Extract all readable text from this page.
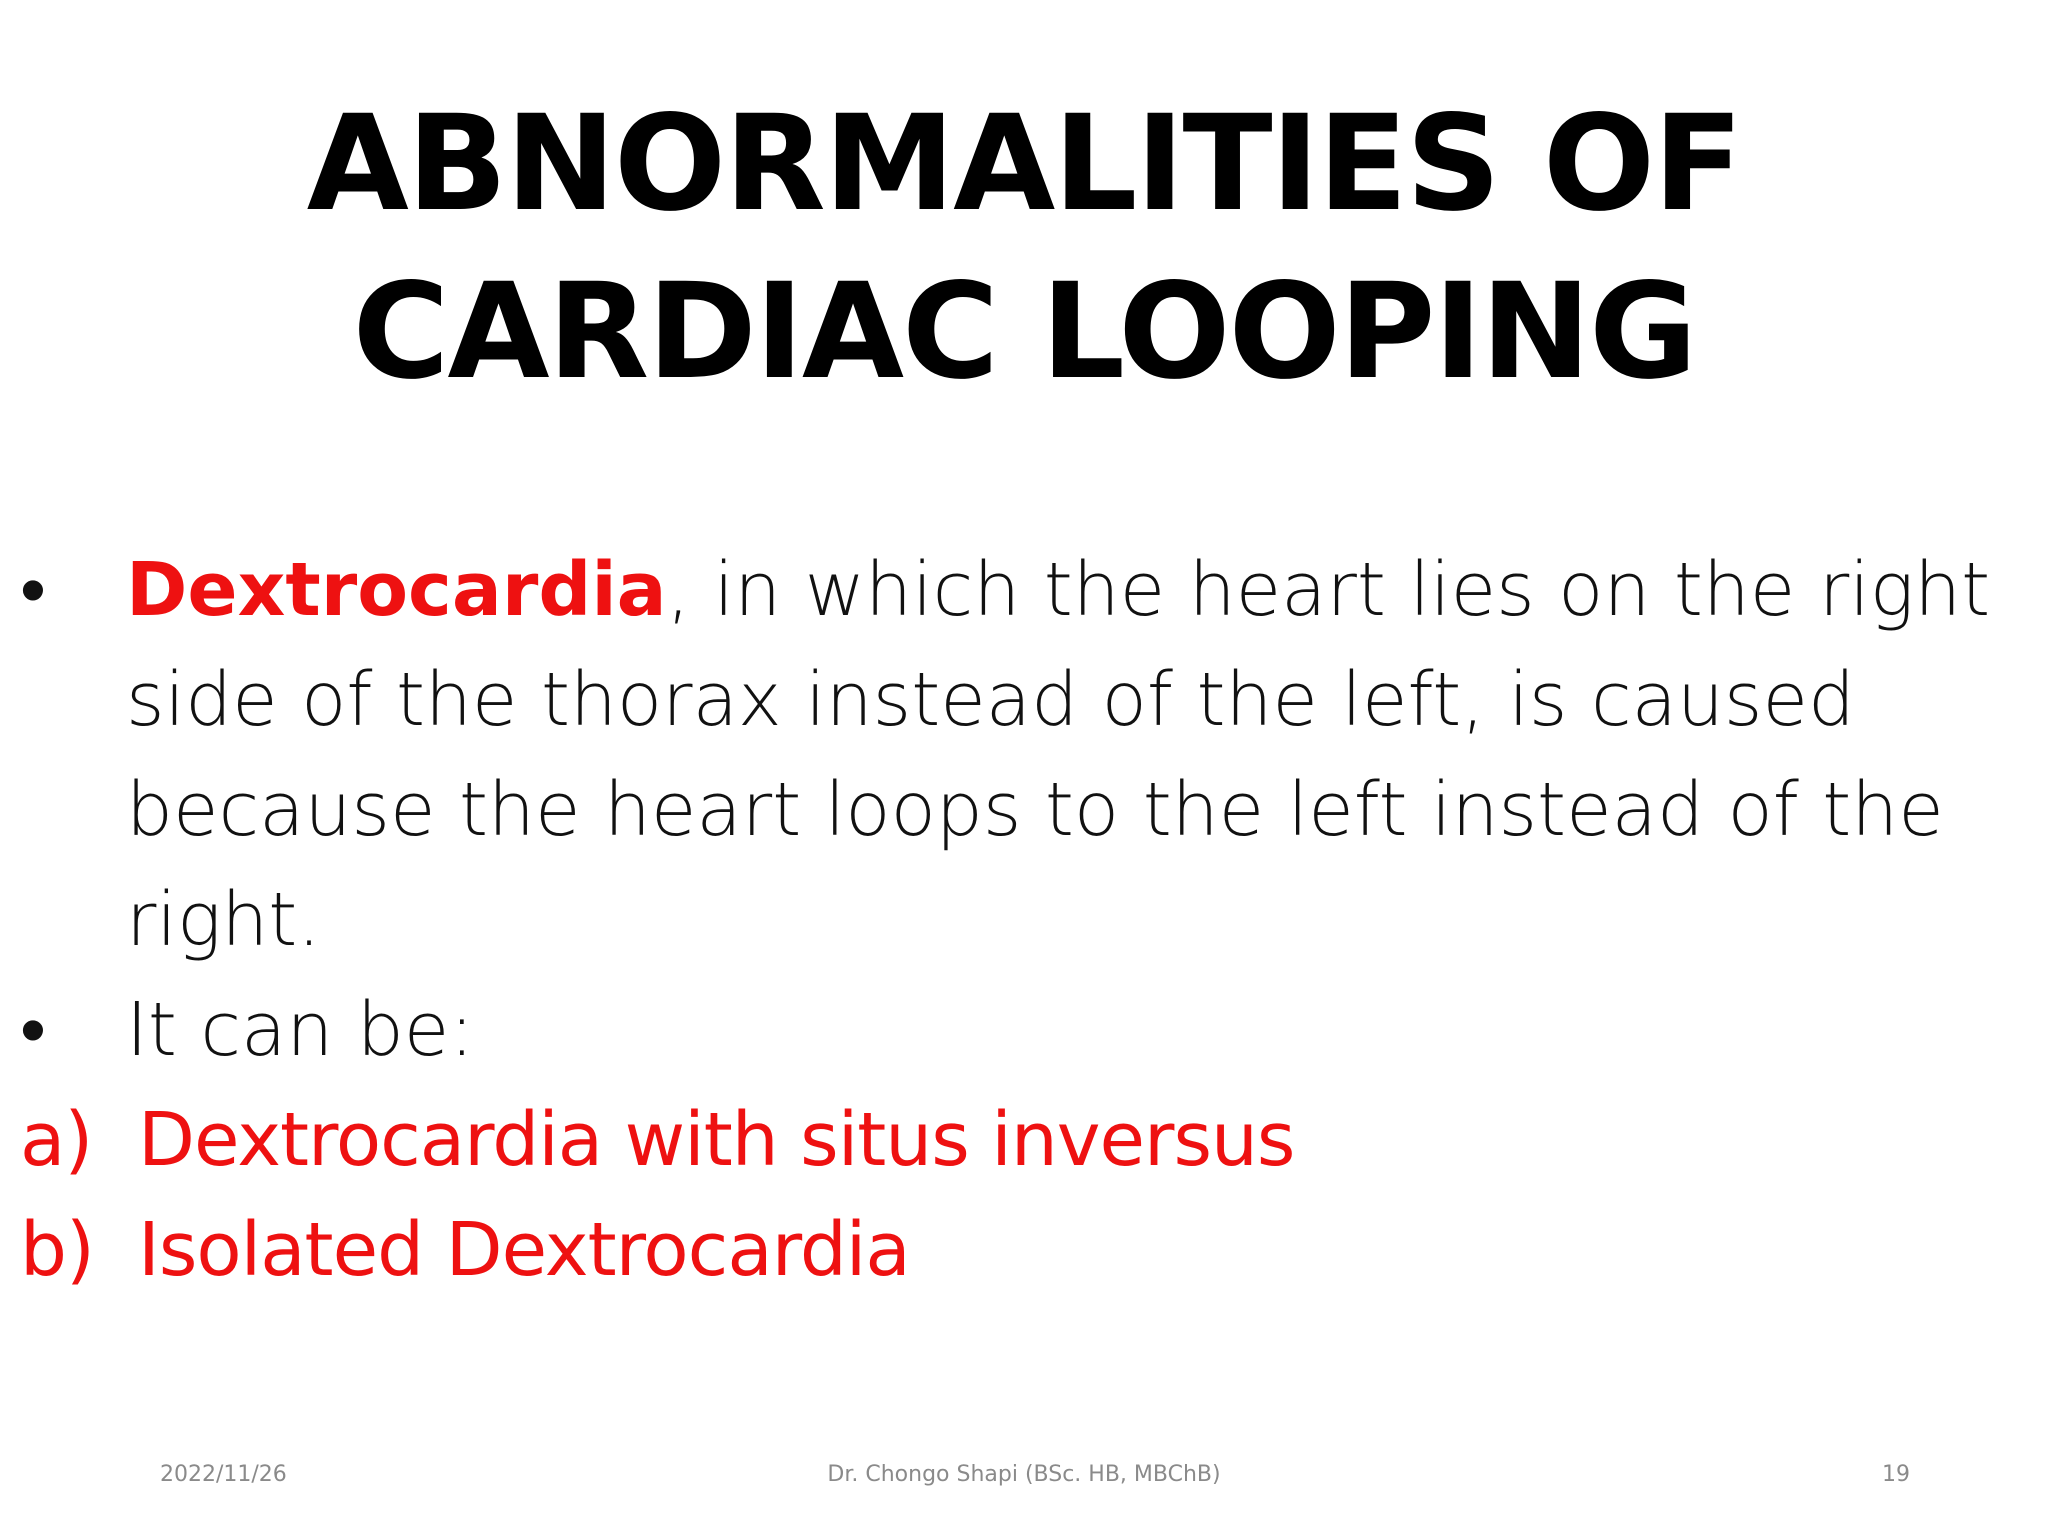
ABNORMALITIES OF
CARDIAC LOOPING
•	Dextrocardia, in which the heart lies on the right side of the thorax instead of the left, is caused because the heart loops to the left instead of the right.
•	It can be:
a) Dextrocardia with situs inversus
b) Isolated Dextrocardia
2022/11/26	Dr. Chongo Shapi (BSc. HB, MBChB)	19
